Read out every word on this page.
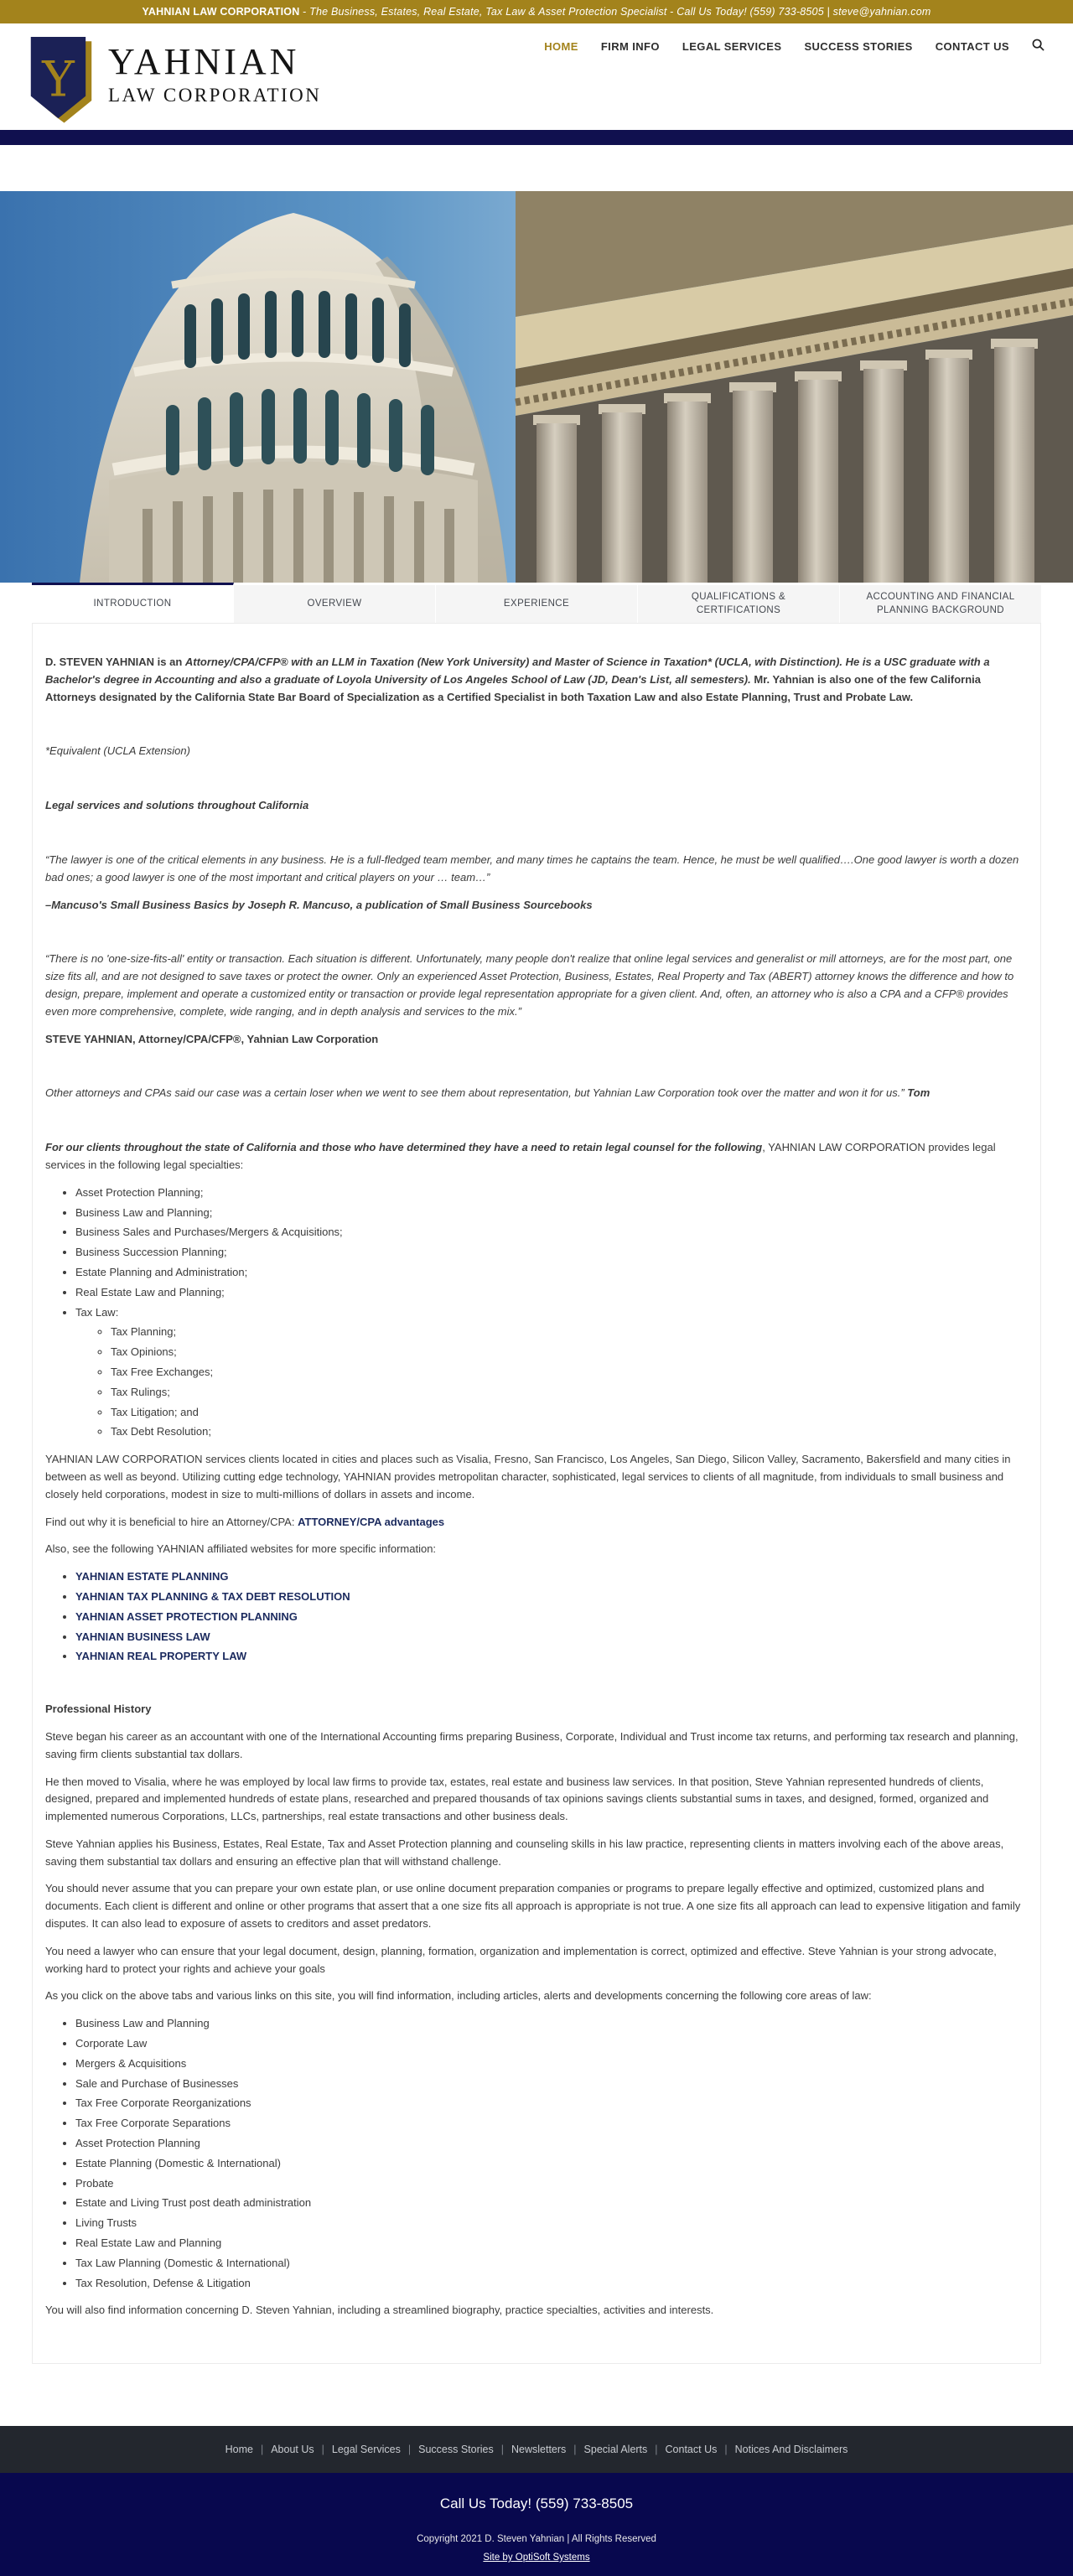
YAHNIAN LAW CORPORATION - The Business, Estates, Real Estate, Tax Law & Asset Protection Specialist - Call Us Today! (559) 733-8505 | steve@yahnian.com
Y YAHNIAN
LAW CORPORATION
HOME FIRM INFO LEGAL SERVICES SUCCESS STORIES CONTACT US
INTRODUCTION	OVERVIEW	EXPERIENCE
QUALIFICATIONS & CERTIFICATIONS
ACCOUNTING AND FINANCIAL PLANNING BACKGROUND

D. STEVEN YAHNIAN is an Attorney/CPA/CFP® with an LLM in Taxation (New York University) and Master of Science in Taxation* (UCLA, with Distinction). He is a USC graduate with a Bachelor's degree in Accounting and also a graduate of Loyola University of Los Angeles School of Law (JD, Dean's List, all semesters). Mr. Yahnian is also one of the few California Attorneys designated by the California State Bar Board of Specialization as a Certified Specialist in both Taxation Law and also Estate Planning, Trust and Probate Law.

*Equivalent (UCLA Extension)

Legal services and solutions throughout California

“The lawyer is one of the critical elements in any business. He is a full-fledged team member, and many times he captains the team. Hence, he must be well qualified….One good lawyer is worth a dozen bad ones; a good lawyer is one of the most important and critical players on your … team…”

–Mancuso's Small Business Basics by Joseph R. Mancuso, a publication of Small Business Sourcebooks

“There is no 'one-size-fits-all' entity or transaction. Each situation is different. Unfortunately, many people don't realize that online legal services and generalist or mill attorneys, are for the most part, one size fits all, and are not designed to save taxes or protect the owner. Only an experienced Asset Protection, Business, Estates, Real Property and Tax (ABERT) attorney knows the difference and how to design, prepare, implement and operate a customized entity or transaction or provide legal representation appropriate for a given client. And, often, an attorney who is also a CPA and a CFP® provides even more comprehensive, complete, wide ranging, and in depth analysis and services to the mix.”

STEVE YAHNIAN, Attorney/CPA/CFP®, Yahnian Law Corporation

Other attorneys and CPAs said our case was a certain loser when we went to see them about representation, but Yahnian Law Corporation took over the matter and won it for us.” Tom

For our clients throughout the state of California and those who have determined they have a need to retain legal counsel for the following, YAHNIAN LAW CORPORATION provides legal services in the following legal specialties:

• Asset Protection Planning;
• Business Law and Planning;
• Business Sales and Purchases/Mergers & Acquisitions;
• Business Succession Planning;
• Estate Planning and Administration;
• Real Estate Law and Planning;
• Tax Law:
◦ Tax Planning;
◦ Tax Opinions;
◦ Tax Free Exchanges;
◦ Tax Rulings;
◦ Tax Litigation; and
◦ Tax Debt Resolution;

YAHNIAN LAW CORPORATION services clients located in cities and places such as Visalia, Fresno, San Francisco, Los Angeles, San Diego, Silicon Valley, Sacramento, Bakersfield and many cities in between as well as beyond. Utilizing cutting edge technology, YAHNIAN provides metropolitan character, sophisticated, legal services to clients of all magnitude, from individuals to small business and closely held corporations, modest in size to multi-millions of dollars in assets and income.

Find out why it is beneficial to hire an Attorney/CPA: ATTORNEY/CPA advantages

Also, see the following YAHNIAN affiliated websites for more specific information:

• YAHNIAN ESTATE PLANNING
• YAHNIAN TAX PLANNING & TAX DEBT RESOLUTION
• YAHNIAN ASSET PROTECTION PLANNING
• YAHNIAN BUSINESS LAW
• YAHNIAN REAL PROPERTY LAW

Professional History

Steve began his career as an accountant with one of the International Accounting firms preparing Business, Corporate, Individual and Trust income tax returns, and performing tax research and planning, saving firm clients substantial tax dollars.

He then moved to Visalia, where he was employed by local law firms to provide tax, estates, real estate and business law services. In that position, Steve Yahnian represented hundreds of clients, designed, prepared and implemented hundreds of estate plans, researched and prepared thousands of tax opinions savings clients substantial sums in taxes, and designed, formed, organized and implemented numerous Corporations, LLCs, partnerships, real estate transactions and other business deals.

Steve Yahnian applies his Business, Estates, Real Estate, Tax and Asset Protection planning and counseling skills in his law practice, representing clients in matters involving each of the above areas, saving them substantial tax dollars and ensuring an effective plan that will withstand challenge.

You should never assume that you can prepare your own estate plan, or use online document preparation companies or programs to prepare legally effective and optimized, customized plans and documents. Each client is different and online or other programs that assert that a one size fits all approach is appropriate is not true. A one size fits all approach can lead to expensive litigation and family disputes. It can also lead to exposure of assets to creditors and asset predators.

You need a lawyer who can ensure that your legal document, design, planning, formation, organization and implementation is correct, optimized and effective. Steve Yahnian is your strong advocate, working hard to protect your rights and achieve your goals

As you click on the above tabs and various links on this site, you will find information, including articles, alerts and developments concerning the following core areas of law:

• Business Law and Planning
• Corporate Law
• Mergers & Acquisitions
• Sale and Purchase of Businesses
• Tax Free Corporate Reorganizations
• Tax Free Corporate Separations
• Asset Protection Planning
• Estate Planning (Domestic & International)
• Probate
• Estate and Living Trust post death administration
• Living Trusts
• Real Estate Law and Planning
• Tax Law Planning (Domestic & International)
• Tax Resolution, Defense & Litigation

You will also find information concerning D. Steven Yahnian, including a streamlined biography, practice specialties, activities and interests.

Home | About Us | Legal Services | Success Stories | Newsletters | Special Alerts | Contact Us | Notices And Disclaimers
Call Us Today! (559) 733-8505
Copyright 2021 D. Steven Yahnian | All Rights Reserved
Site by OptiSoft Systems
